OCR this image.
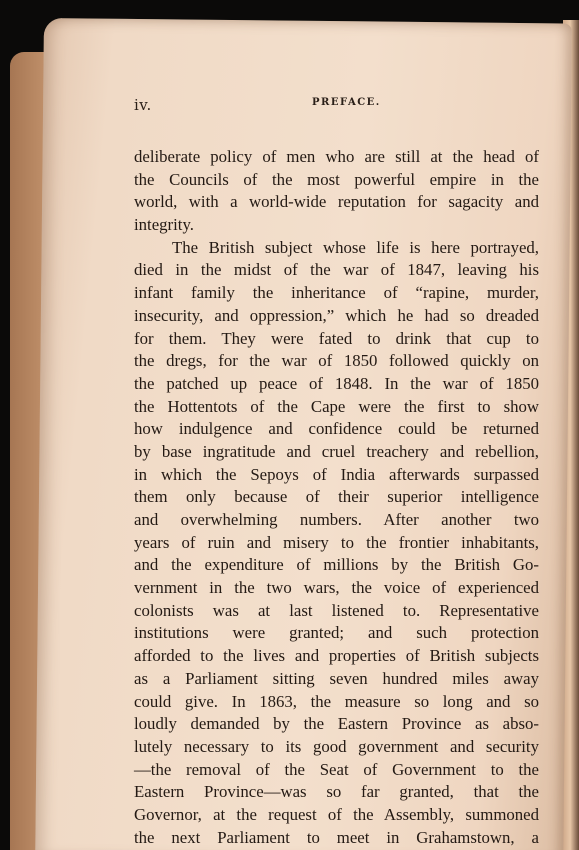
iv.	PREFACE.
deliberate policy of men who are still at the head of
the Councils of the most powerful empire in the
world, with a world-wide reputation for sagacity and
integrity.
The British subject whose life is here portrayed,
died in the midst of the war of 1847, leaving his
infant family the inheritance of “rapine, murder,
insecurity, and oppression,” which he had so dreaded
for them. They were fated to drink that cup to
the dregs, for the war of 1850 followed quickly on
the patched up peace of 1848. In the war of 1850
the Hottentots of the Cape were the first to show
how indulgence and confidence could be returned
by base ingratitude and cruel treachery and rebellion,
in which the Sepoys of India afterwards surpassed
them only because of their superior intelligence
and overwhelming numbers. After another two
years of ruin and misery to the frontier inhabitants,
and the expenditure of millions by the British Go-
vernment in the two wars, the voice of experienced
colonists was at last listened to. Representative
institutions were granted; and such protection
afforded to the lives and properties of British subjects
as a Parliament sitting seven hundred miles away
could give. In 1863, the measure so long and so
loudly demanded by the Eastern Province as abso-
lutely necessary to its good government and security
—the removal of the Seat of Government to the
Eastern Province—was so far granted, that the
Governor, at the request of the Assembly, summoned
the next Parliament to meet in Grahamstown, a
